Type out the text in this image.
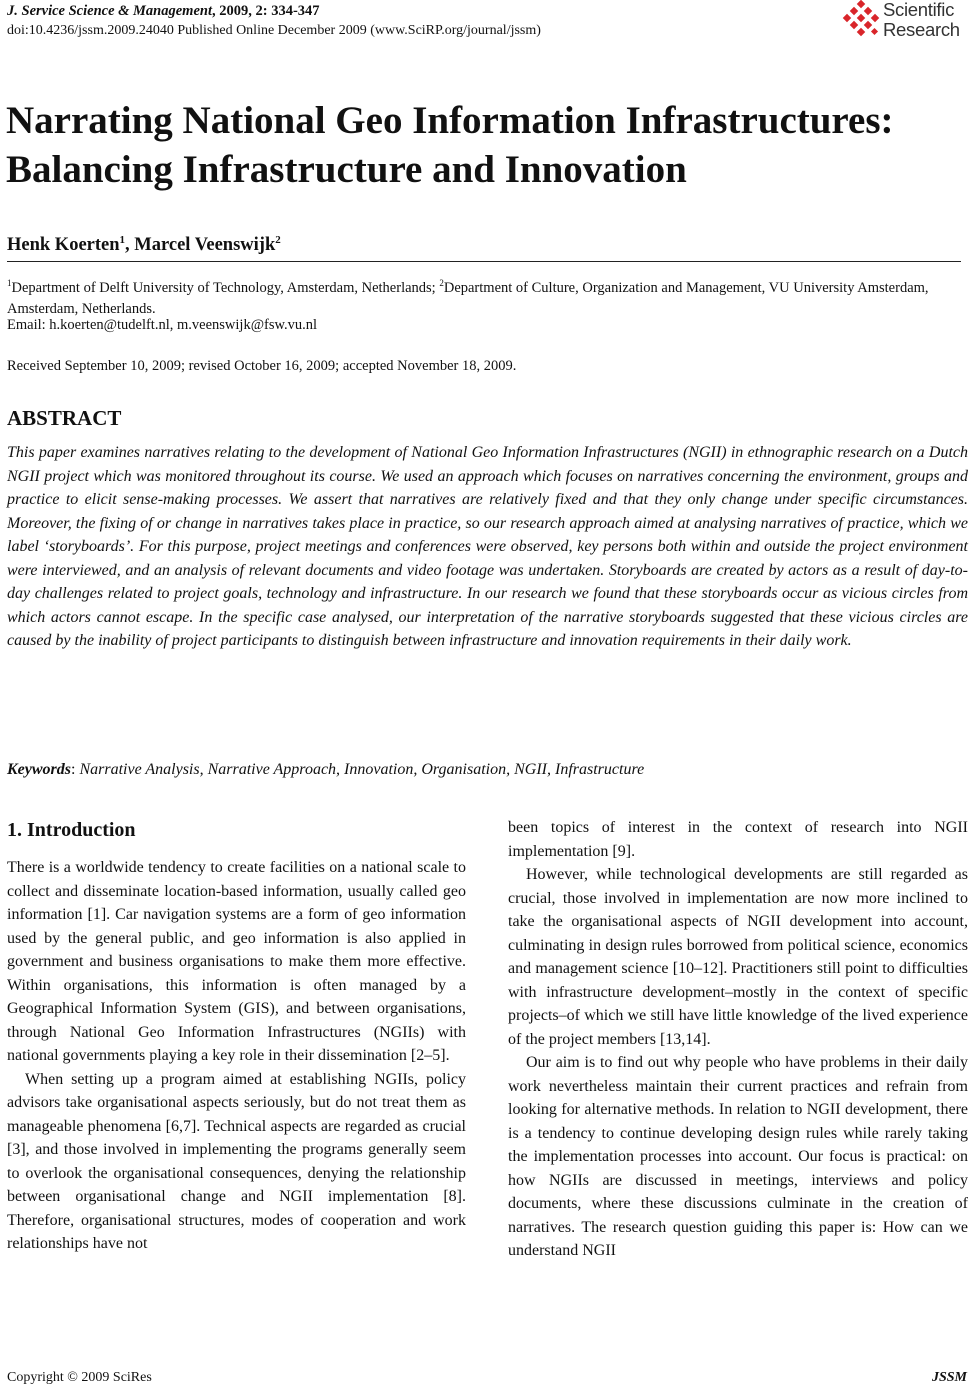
J. Service Science & Management, 2009, 2: 334-347
doi:10.4236/jssm.2009.24040 Published Online December 2009 (www.SciRP.org/journal/jssm)
Scientific
Research
Narrating National Geo Information Infrastructures:
Balancing Infrastructure and Innovation
Henk Koerten$^1$, Marcel Veenswijk$^2$
$^1$Department of Delft University of Technology, Amsterdam, Netherlands; $^2$Department of Culture, Organization and Management, VU University Amsterdam, Amsterdam, Netherlands.
Email: h.koerten@tudelft.nl, m.veenswijk@fsw.vu.nl
Received September 10, 2009; revised October 16, 2009; accepted November 18, 2009.
ABSTRACT
This paper examines narratives relating to the development of National Geo Information Infrastructures (NGII) in ethnographic research on a Dutch NGII project which was monitored throughout its course. We used an approach which focuses on narratives concerning the environment, groups and practice to elicit sense-making processes. We assert that narratives are relatively fixed and that they only change under specific circumstances. Moreover, the fixing of or change in narratives takes place in practice, so our research approach aimed at analysing narratives of practice, which we label ‘storyboards’. For this purpose, project meetings and conferences were observed, key persons both within and outside the project environment were interviewed, and an analysis of relevant documents and video footage was undertaken. Storyboards are created by actors as a result of day-to-day challenges related to project goals, technology and infrastructure. In our research we found that these storyboards occur as vicious circles from which actors cannot escape. In the specific case analysed, our interpretation of the narrative storyboards suggested that these vicious circles are caused by the inability of project participants to distinguish between infrastructure and innovation requirements in their daily work.
Keywords: Narrative Analysis, Narrative Approach, Innovation, Organisation, NGII, Infrastructure
1. Introduction

There is a worldwide tendency to create facilities on a national scale to collect and disseminate location-based information, usually called geo information [1]. Car navigation systems are a form of geo information used by the general public, and geo information is also applied in government and business organisations to make them more effective. Within organisations, this information is often managed by a Geographical Information System (GIS), and between organisations, through National Geo Information Infrastructures (NGIIs) with national governments playing a key role in their dissemination [2–5].

When setting up a program aimed at establishing NGIIs, policy advisors take organisational aspects seriously, but do not treat them as manageable phenomena [6,7]. Technical aspects are regarded as crucial [3], and those involved in implementing the programs generally seem to overlook the organisational consequences, denying the relationship between organisational change and NGII implementation [8]. Therefore, organisational structures, modes of cooperation and work relationships have not

been topics of interest in the context of research into NGII implementation [9].

However, while technological developments are still regarded as crucial, those involved in implementation are now more inclined to take the organisational aspects of NGII development into account, culminating in design rules borrowed from political science, economics and management science [10–12]. Practitioners still point to difficulties with infrastructure development–mostly in the context of specific projects–of which we still have little knowledge of the lived experience of the project members [13,14].

Our aim is to find out why people who have problems in their daily work nevertheless maintain their current practices and refrain from looking for alternative methods. In relation to NGII development, there is a tendency to continue developing design rules while rarely taking the implementation processes into account. Our focus is practical: on how NGIIs are discussed in meetings, interviews and policy documents, where these discussions culminate in the creation of narratives. The research question guiding this paper is: How can we understand NGII

Copyright © 2009 SciRes	JSSM
